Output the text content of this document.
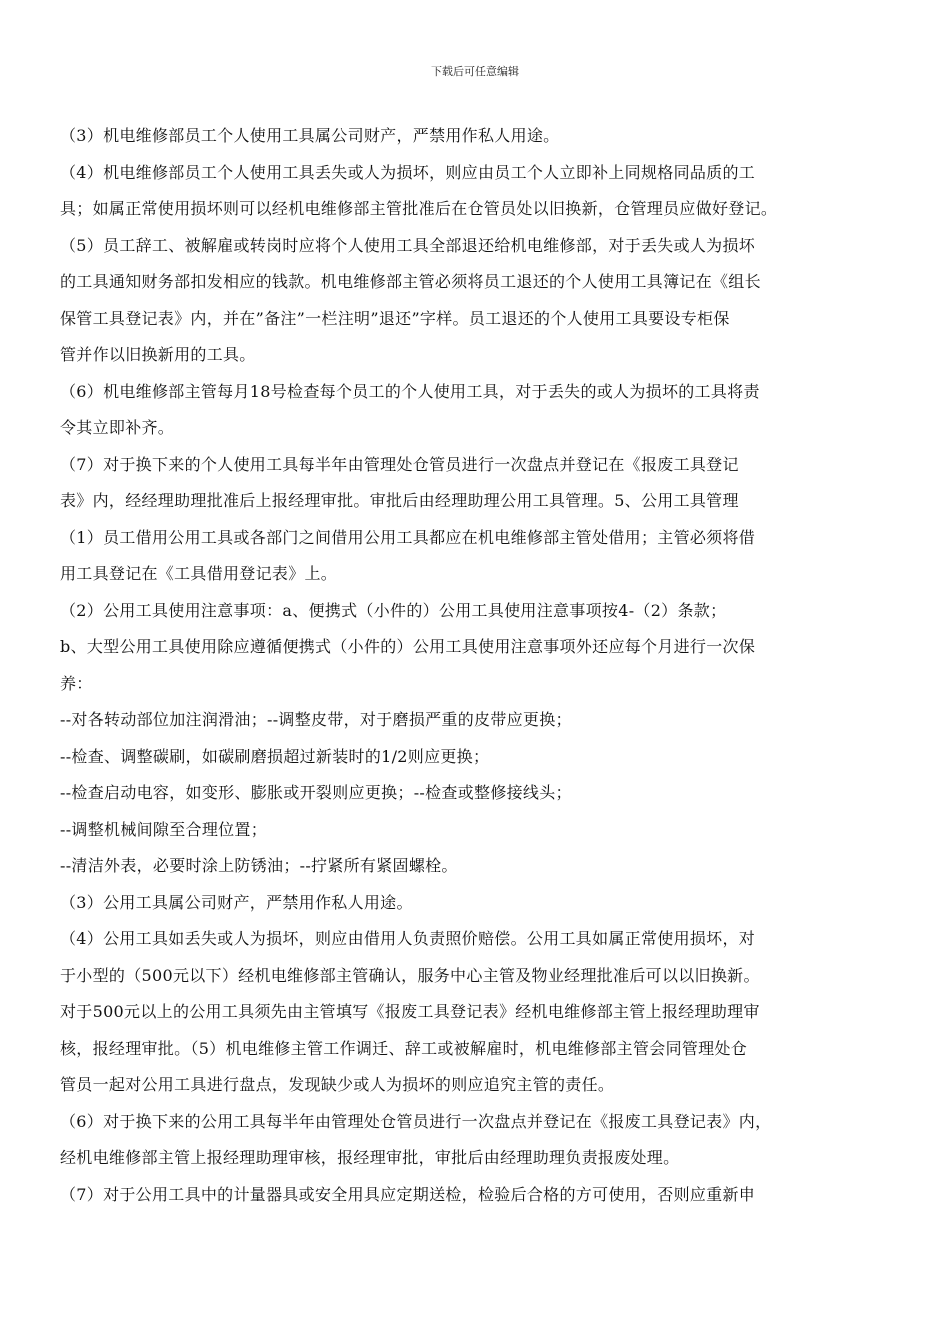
下载后可任意编辑
（3）机电维修部员工个人使用工具属公司财产，严禁用作私人用途。
（4）机电维修部员工个人使用工具丢失或人为损坏，则应由员工个人立即补上同规格同品质的工
具；如属正常使用损坏则可以经机电维修部主管批准后在仓管员处以旧换新，仓管理员应做好登记。
（5）员工辞工、被解雇或转岗时应将个人使用工具全部退还给机电维修部，对于丢失或人为损坏
的工具通知财务部扣发相应的钱款。机电维修部主管必须将员工退还的个人使用工具簿记在《组长
保管工具登记表》内，并在”备注”一栏注明”退还”字样。员工退还的个人使用工具要设专柜保
管并作以旧换新用的工具。
（6）机电维修部主管每月18号检查每个员工的个人使用工具，对于丢失的或人为损坏的工具将责
令其立即补齐。
（7）对于换下来的个人使用工具每半年由管理处仓管员进行一次盘点并登记在《报废工具登记
表》内，经经理助理批准后上报经理审批。审批后由经理助理公用工具管理。5、公用工具管理
（1）员工借用公用工具或各部门之间借用公用工具都应在机电维修部主管处借用；主管必须将借
用工具登记在《工具借用登记表》上。
（2）公用工具使用注意事项：a、便携式（小件的）公用工具使用注意事项按4-（2）条款；
b、大型公用工具使用除应遵循便携式（小件的）公用工具使用注意事项外还应每个月进行一次保
养：
--对各转动部位加注润滑油；--调整皮带，对于磨损严重的皮带应更换；
--检查、调整碳刷，如碳刷磨损超过新装时的1/2则应更换；
--检查启动电容，如变形、膨胀或开裂则应更换；--检查或整修接线头；
--调整机械间隙至合理位置；
--清洁外表，必要时涂上防锈油；--拧紧所有紧固螺栓。
（3）公用工具属公司财产，严禁用作私人用途。
（4）公用工具如丢失或人为损坏，则应由借用人负责照价赔偿。公用工具如属正常使用损坏，对
于小型的（500元以下）经机电维修部主管确认，服务中心主管及物业经理批准后可以以旧换新。
对于500元以上的公用工具须先由主管填写《报废工具登记表》经机电维修部主管上报经理助理审
核，报经理审批。（5）机电维修主管工作调迁、辞工或被解雇时，机电维修部主管会同管理处仓
管员一起对公用工具进行盘点，发现缺少或人为损坏的则应追究主管的责任。
（6）对于换下来的公用工具每半年由管理处仓管员进行一次盘点并登记在《报废工具登记表》内，
经机电维修部主管上报经理助理审核，报经理审批，审批后由经理助理负责报废处理。
（7）对于公用工具中的计量器具或安全用具应定期送检，检验后合格的方可使用，否则应重新申
